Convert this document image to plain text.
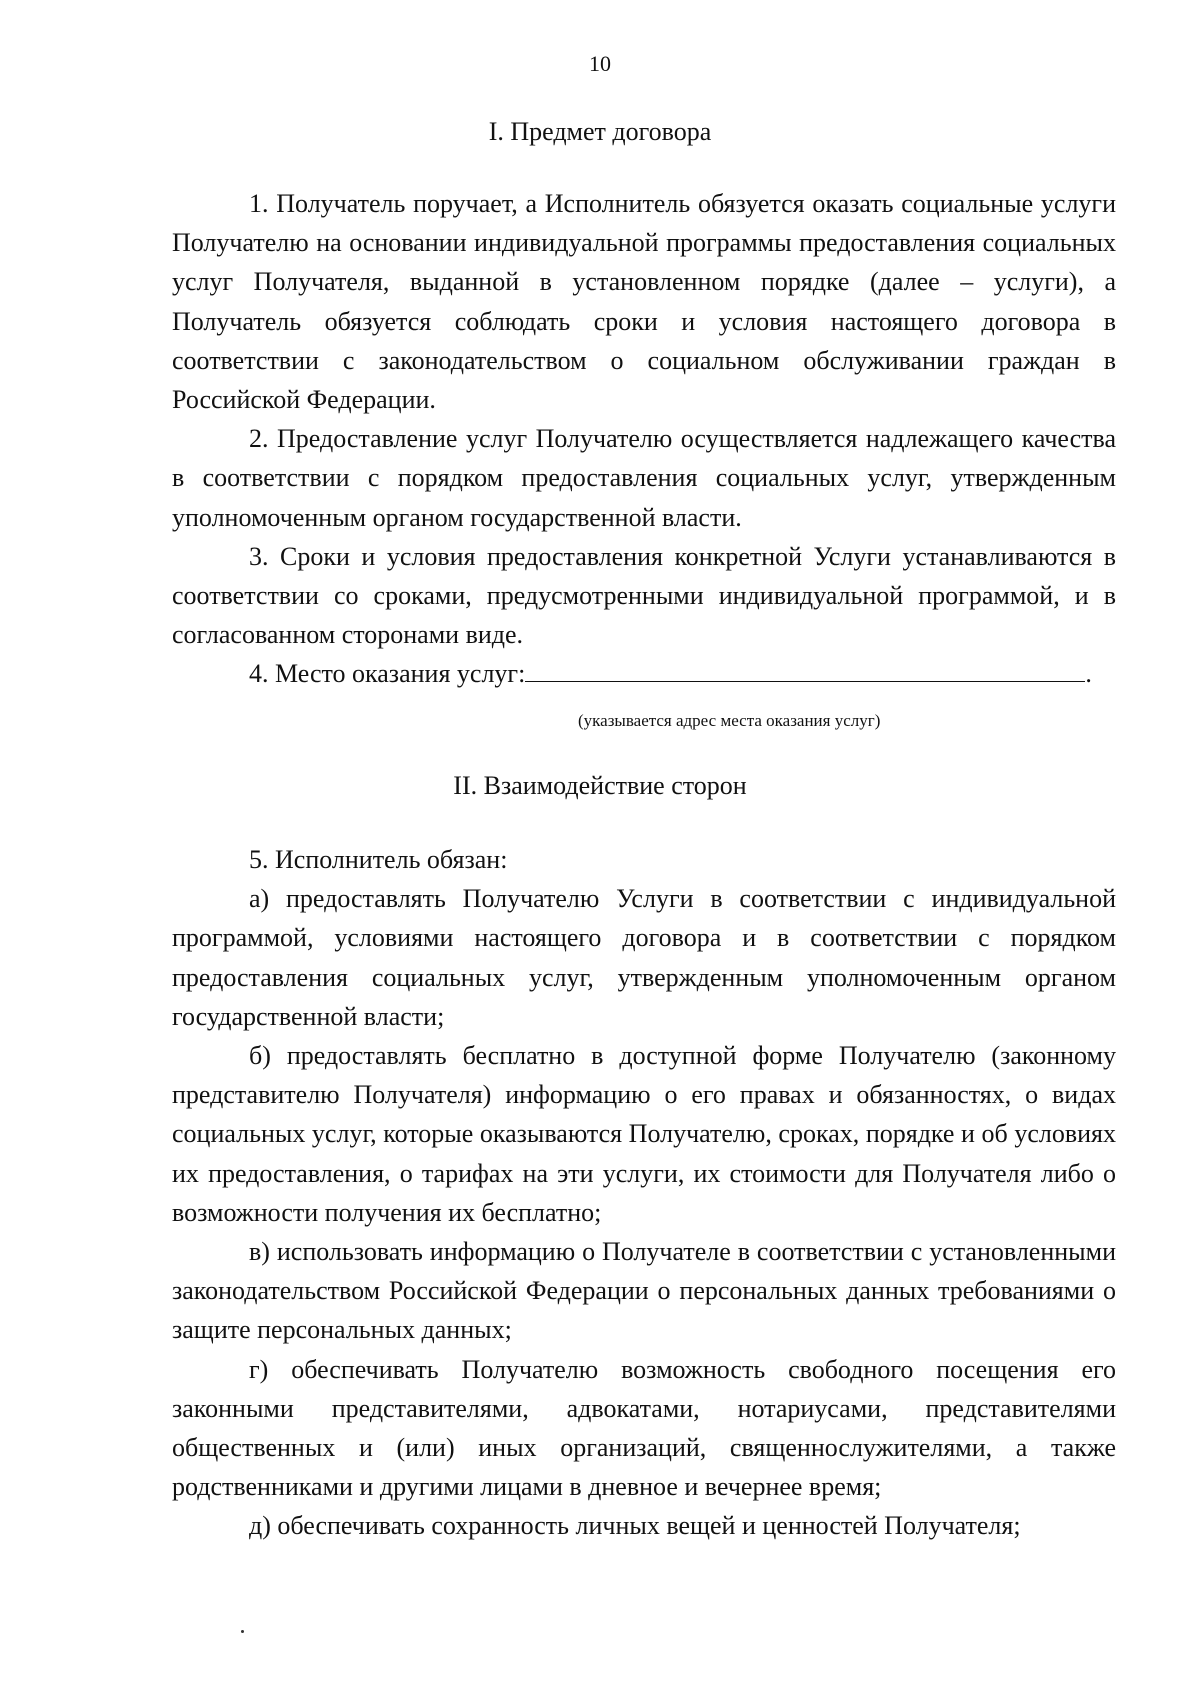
10
I. Предмет договора

1. Получатель поручает, а Исполнитель обязуется оказать социальные услуги Получателю на основании индивидуальной программы предоставления социальных услуг Получателя, выданной в установленном порядке (далее – услуги), а Получатель обязуется соблюдать сроки и условия настоящего договора в соответствии с законодательством о социальном обслуживании граждан в Российской Федерации.

2. Предоставление услуг Получателю осуществляется надлежащего качества в соответствии с порядком предоставления социальных услуг, утвержденным уполномоченным органом государственной власти.

3. Сроки и условия предоставления конкретной Услуги устанавливаются в соответствии со сроками, предусмотренными индивидуальной программой, и в согласованном сторонами виде.

4. Место оказания услуг:	.

(указывается адрес места оказания услуг)
II. Взаимодействие сторон

5. Исполнитель обязан:

а) предоставлять Получателю Услуги в соответствии с индивидуальной программой, условиями настоящего договора и в соответствии с порядком предоставления социальных услуг, утвержденным уполномоченным органом государственной власти;

б) предоставлять бесплатно в доступной форме Получателю (законному представителю Получателя) информацию о его правах и обязанностях, о видах социальных услуг, которые оказываются Получателю, сроках, порядке и об условиях их предоставления, о тарифах на эти услуги, их стоимости для Получателя либо о возможности получения их бесплатно;

в) использовать информацию о Получателе в соответствии с установленными законодательством Российской Федерации о персональных данных требованиями о защите персональных данных;

г) обеспечивать Получателю возможность свободного посещения его законными представителями, адвокатами, нотариусами, представителями общественных и (или) иных организаций, священнослужителями, а также родственниками и другими лицами в дневное и вечернее время;

д) обеспечивать сохранность личных вещей и ценностей Получателя;
